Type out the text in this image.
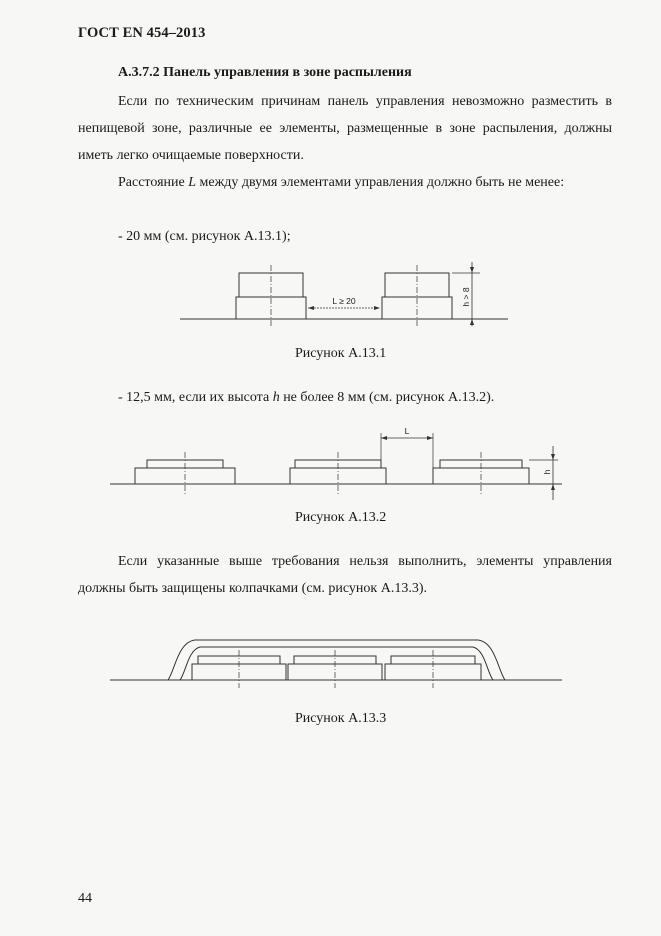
ГОСТ EN 454–2013
А.3.7.2 Панель управления в зоне распыления
Если по техническим причинам панель управления невозможно разместить в непищевой зоне, различные ее элементы, размещенные в зоне распыления, должны иметь легко очищаемые поверхности.
Расстояние L между двумя элементами управления должно быть не менее:
- 20 мм (см. рисунок А.13.1);
L ≥ 20	h > 8
Рисунок А.13.1
- 12,5 мм, если их высота h не более 8 мм (см. рисунок А.13.2).
L
h
Рисунок А.13.2
Если указанные выше требования нельзя выполнить, элементы управления должны быть защищены колпачками (см. рисунок А.13.3).
Рисунок А.13.3
44
